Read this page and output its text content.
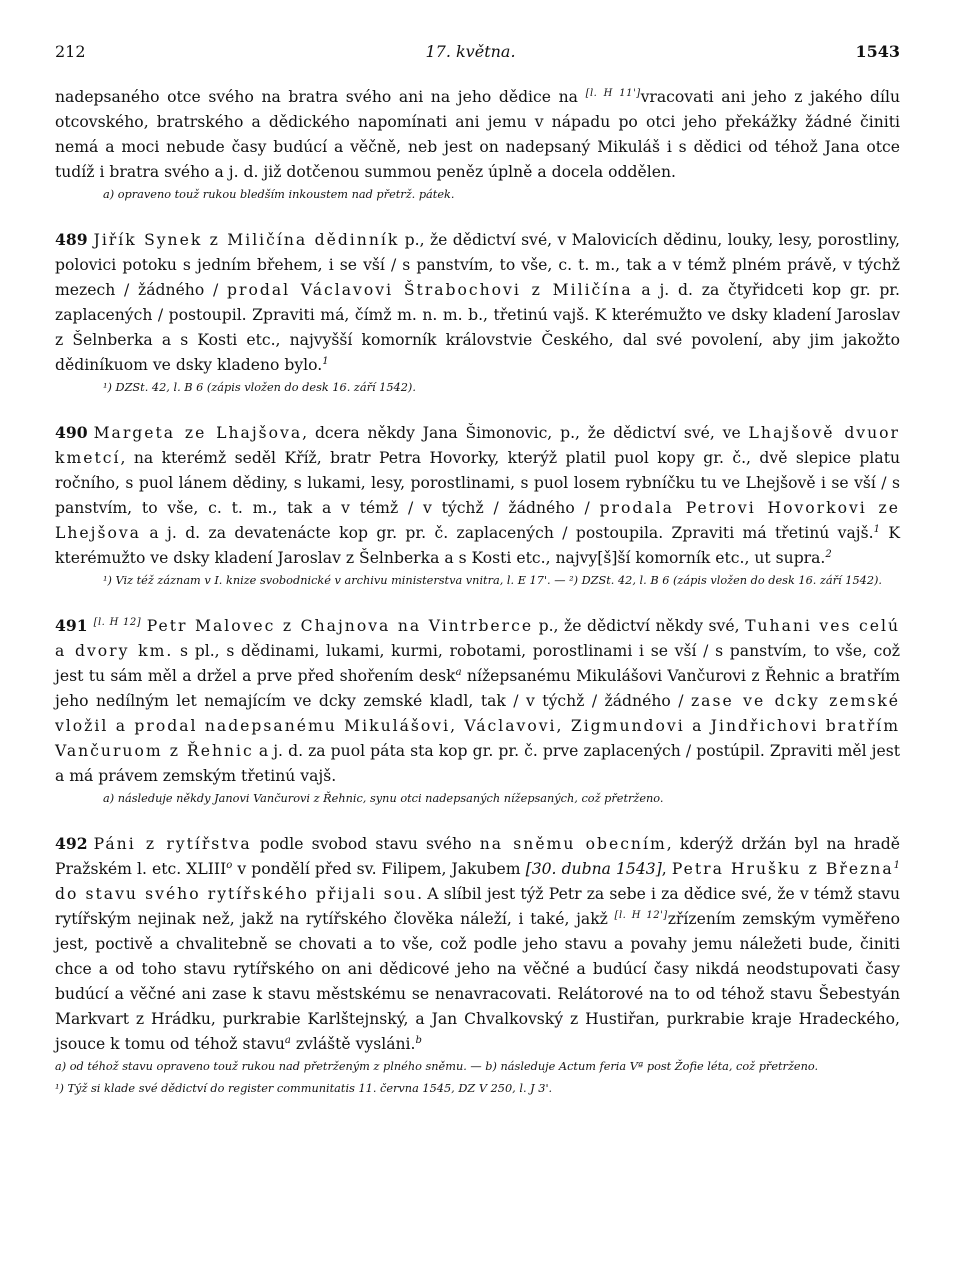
212	17. května.	1543
nadepsaného otce svého na bratra svého ani na jeho dědice na [l. H 11']vracovati ani jeho z jakého dílu otcovského, bratrského a dědického napomínati ani jemu v nápadu po otci jeho překážky žádné činiti nemá a moci nebude časy budúcí a věčně, neb jest on nadepsaný Mikuláš i s dědici od téhož Jana otce tudíž i bratra svého a j. d. již dotčenou summou peněz úplně a docela oddělen.
a) opraveno touž rukou bledším inkoustem nad přetrž. pátek.
489 Jiřík Synek z Miličína dědinník p., že dědictví své, v Malovicích dědinu, louky, lesy, porostliny, polovici potoku s jedním břehem, i se vší / s panstvím, to vše, c. t. m., tak a v témž plném právě, v týchž mezech / žádného / prodal Václavovi Štrabochovi z Miličína a j. d. za čtyřidceti kop gr. pr. zaplacených / postoupil. Zpraviti má, čímž m. n. m. b., třetinú vajš. K kterémužto ve dsky kladení Jaroslav z Šelnberka a s Kosti etc., najvyšší komorník královstvie Českého, dal své povolení, aby jim jakožto dědiníkuom ve dsky kladeno bylo.$^1$
¹) DZSt. 42, l. B 6 (zápis vložen do desk 16. září 1542).
490 Margeta ze Lhajšova, dcera někdy Jana Šimonovic, p., že dědictví své, ve Lhajšově dvuor kmetcí, na kterémž seděl Kříž, bratr Petra Hovorky, kterýž platil puol kopy gr. č., dvě slepice platu ročního, s puol lánem dědiny, s lukami, lesy, porostlinami, s puol losem rybníčku tu ve Lhejšově i se vší / s panstvím, to vše, c. t. m., tak a v témž / v týchž / žádného / prodala Petrovi Hovorkovi ze Lhejšova a j. d. za devatenácte kop gr. pr. č. zaplacených / postoupila. Zpraviti má třetinú vajš.$^1$ K kterémužto ve dsky kladení Jaroslav z Šelnberka a s Kosti etc., najvy[š]ší komorník etc., ut supra.$^2$
¹) Viz též záznam v I. knize svobodnické v archivu ministerstva vnitra, l. E 17'. — ²) DZSt. 42, l. B 6 (zápis vložen do desk 16. září 1542).
491 [l. H 12] Petr Malovec z Chajnova na Vintrberce p., že dědictví někdy své, Tuhani ves celú a dvory km. s pl., s dědinami, lukami, kurmi, robotami, porostlinami i se vší / s panstvím, to vše, což jest tu sám měl a držel a prve před shořením desk$^a$ nížepsanému Mikulášovi Vančurovi z Řehnic a bratřím jeho nedílným let nemajícím ve dcky zemské kladl, tak / v týchž / žádného / zase ve dcky zemské vložil a prodal nadepsanému Mikulášovi, Václavovi, Zigmundovi a Jindřichovi bratřím Vančuruom z Řehnic a j. d. za puol páta sta kop gr. pr. č. prve zaplacených / postúpil. Zpraviti měl jest a má právem zemským třetinú vajš.
a) následuje někdy Janovi Vančurovi z Řehnic, synu otci nadepsaných nížepsaných, což přetrženo.
492 Páni z rytířstva podle svobod stavu svého na sněmu obecním, kderýž držán byl na hradě Pražském l. etc. XLIII$^o$ v pondělí před sv. Filipem, Jakubem [30. dubna 1543], Petra Hrušku z Března$^1$ do stavu svého rytířského přijali sou. A slíbil jest týž Petr za sebe i za dědice své, že v témž stavu rytířským nejinak než, jakž na rytířského člověka náleží, i také, jakž [l. H 12']zřízením zemským vyměřeno jest, poctivě a chvalitebně se chovati a to vše, což podle jeho stavu a povahy jemu náležeti bude, činiti chce a od toho stavu rytířského on ani dědicové jeho na věčné a budúcí časy nikdá neodstupovati časy budúcí a věčné ani zase k stavu městskému se nenavracovati. Relátorové na to od téhož stavu Šebestyán Markvart z Hrádku, purkrabie Karlštejnský, a Jan Chvalkovský z Hustiřan, purkrabie kraje Hradeckého, jsouce k tomu od téhož stavu$^a$ zvláště vysláni.$^b$
a) od téhož stavu opraveno touž rukou nad přetrženým z plného sněmu. — b) následuje Actum feria Vª post Žofie léta, což přetrženo.
¹) Týž si klade své dědictví do register communitatis 11. června 1545, DZ V 250, l. J 3'.
